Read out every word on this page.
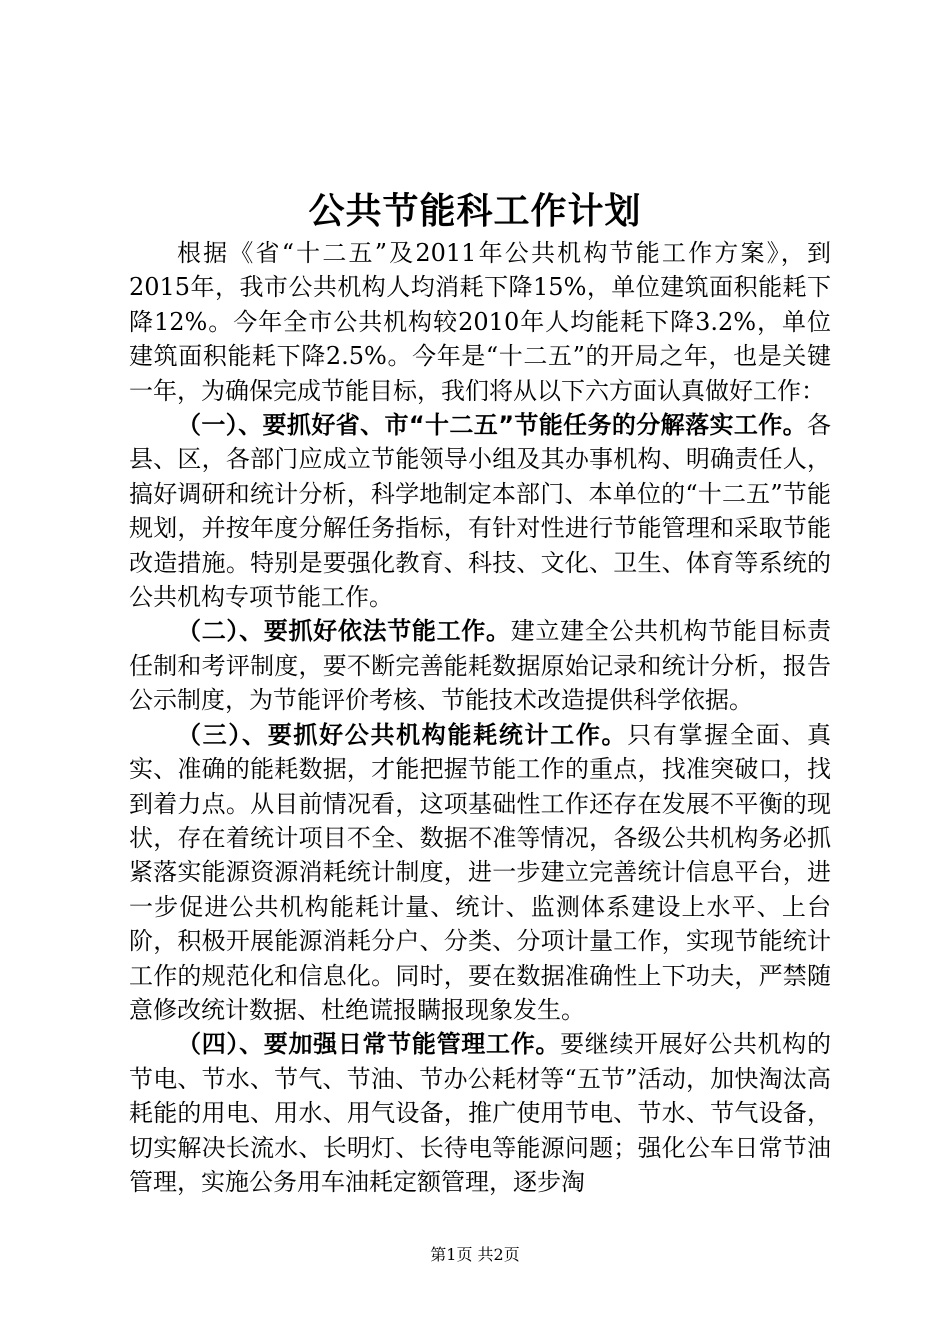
公共节能科工作计划

根据《省“十二五”及2011年公共机构节能工作方案》，到2015年，我市公共机构人均消耗下降15%，单位建筑面积能耗下降12%。今年全市公共机构较2010年人均能耗下降3.2%，单位建筑面积能耗下降2.5%。今年是“十二五”的开局之年，也是关键一年，为确保完成节能目标，我们将从以下六方面认真做好工作：

（一）、要抓好省、市“十二五”节能任务的分解落实工作。各县、区，各部门应成立节能领导小组及其办事机构、明确责任人，搞好调研和统计分析，科学地制定本部门、本单位的“十二五”节能规划，并按年度分解任务指标，有针对性进行节能管理和采取节能改造措施。特别是要强化教育、科技、文化、卫生、体育等系统的公共机构专项节能工作。

（二）、要抓好依法节能工作。建立建全公共机构节能目标责任制和考评制度，要不断完善能耗数据原始记录和统计分析，报告公示制度，为节能评价考核、节能技术改造提供科学依据。

（三）、要抓好公共机构能耗统计工作。只有掌握全面、真实、准确的能耗数据，才能把握节能工作的重点，找准突破口，找到着力点。从目前情况看，这项基础性工作还存在发展不平衡的现状，存在着统计项目不全、数据不准等情况，各级公共机构务必抓紧落实能源资源消耗统计制度，进一步建立完善统计信息平台，进一步促进公共机构能耗计量、统计、监测体系建设上水平、上台阶，积极开展能源消耗分户、分类、分项计量工作，实现节能统计工作的规范化和信息化。同时，要在数据准确性上下功夫，严禁随意修改统计数据、杜绝谎报瞒报现象发生。

（四）、要加强日常节能管理工作。要继续开展好公共机构的节电、节水、节气、节油、节办公耗材等“五节”活动，加快淘汰高耗能的用电、用水、用气设备，推广使用节电、节水、节气设备，切实解决长流水、长明灯、长待电等能源问题；强化公车日常节油管理，实施公务用车油耗定额管理，逐步淘

第1页 共2页
